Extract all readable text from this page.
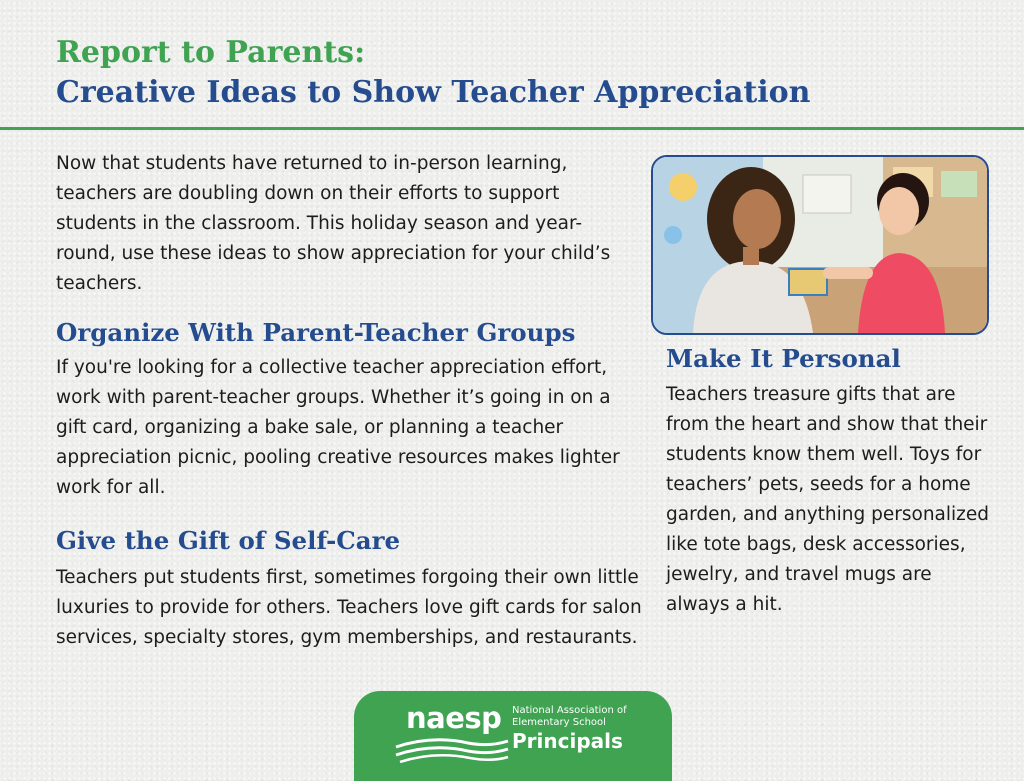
Report to Parents:
Creative Ideas to Show Teacher Appreciation

Now that students have returned to in-person learning, teachers are doubling down on their efforts to support students in the classroom. This holiday season and year-round, use these ideas to show appreciation for your child’s teachers.

Organize With Parent-Teacher Groups

If you're looking for a collective teacher appreciation effort, work with parent-teacher groups. Whether it’s going in on a gift card, organizing a bake sale, or planning a teacher appreciation picnic, pooling creative resources makes lighter work for all.

Give the Gift of Self-Care

Teachers put students first, sometimes forgoing their own little luxuries to provide for others. Teachers love gift cards for salon services, specialty stores, gym memberships, and restaurants.

Make It Personal

Teachers treasure gifts that are from the heart and show that their students know them well. Toys for teachers’ pets, seeds for a home garden, and anything personalized like tote bags, desk accessories, jewelry, and travel mugs are always a hit.

naesp National Association of
Elementary School

Principals
